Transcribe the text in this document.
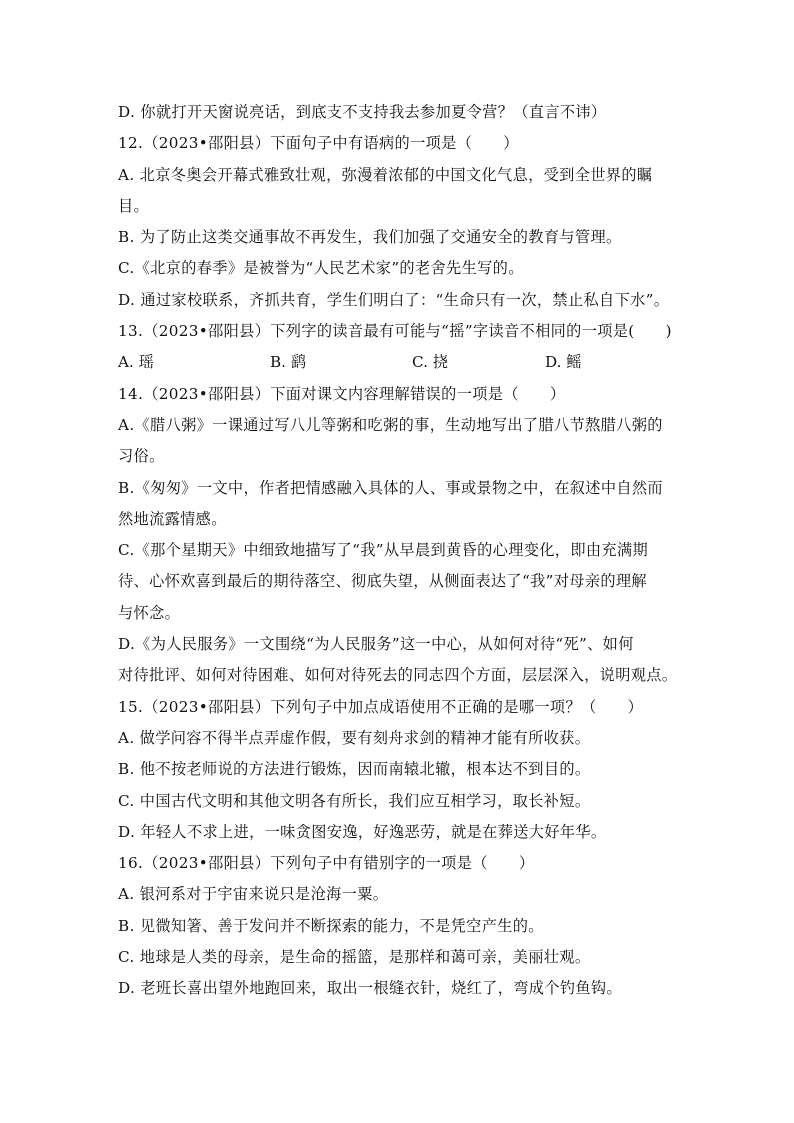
D. 你就打开天窗说亮话，到底支不支持我去参加夏令营？（直言不讳）
12.（2023•邵阳县）下面句子中有语病的一项是（　　）
A. 北京冬奥会开幕式雅致壮观，弥漫着浓郁的中国文化气息，受到全世界的瞩
目。
B. 为了防止这类交通事故不再发生，我们加强了交通安全的教育与管理。
C.《北京的春季》是被誉为“人民艺术家”的老舍先生写的。
D. 通过家校联系，齐抓共育，学生们明白了：“生命只有一次，禁止私自下水”。
13.（2023•邵阳县）下列字的读音最有可能与“摇”字读音不相同的一项是(　　)
A. 瑶	B. 鹞	C. 挠	D. 鳐
14.（2023•邵阳县）下面对课文内容理解错误的一项是（　　）
A.《腊八粥》一课通过写八儿等粥和吃粥的事，生动地写出了腊八节熬腊八粥的
习俗。
B.《匆匆》一文中，作者把情感融入具体的人、事或景物之中，在叙述中自然而
然地流露情感。
C.《那个星期天》中细致地描写了“我”从早晨到黄昏的心理变化，即由充满期
待、心怀欢喜到最后的期待落空、彻底失望，从侧面表达了“我”对母亲的理解
与怀念。
D.《为人民服务》一文围绕“为人民服务”这一中心，从如何对待“死”、如何
对待批评、如何对待困难、如何对待死去的同志四个方面，层层深入，说明观点。
15.（2023•邵阳县）下列句子中加点成语使用不正确的是哪一项？（　　）
A. 做学问容不得半点弄虚作假，要有刻舟求剑的精神才能有所收获。
B. 他不按老师说的方法进行锻炼，因而南辕北辙，根本达不到目的。
C. 中国古代文明和其他文明各有所长，我们应互相学习，取长补短。
D. 年轻人不求上进，一味贪图安逸，好逸恶劳，就是在葬送大好年华。
16.（2023•邵阳县）下列句子中有错别字的一项是（　　）
A. 银河系对于宇宙来说只是沧海一粟。
B. 见微知箸、善于发问并不断探索的能力，不是凭空产生的。
C. 地球是人类的母亲，是生命的摇篮，是那样和蔼可亲，美丽壮观。
D. 老班长喜出望外地跑回来，取出一根缝衣针，烧红了，弯成个钓鱼钩。
